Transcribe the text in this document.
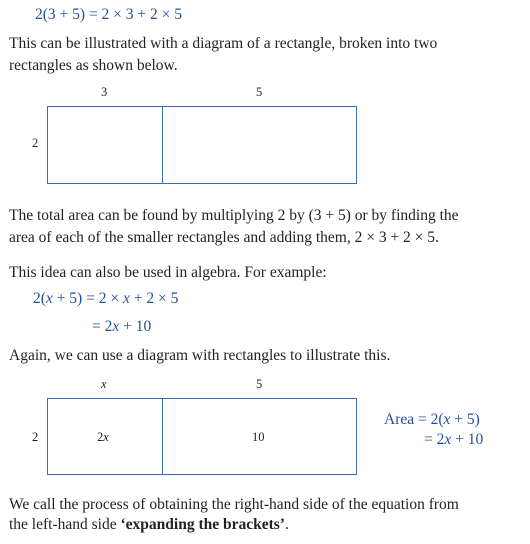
2(3 + 5) = 2 × 3 + 2 × 5
This can be illustrated with a diagram of a rectangle, broken into two
rectangles as shown below.
3	5
2
The total area can be found by multiplying 2 by (3 + 5) or by finding the
area of each of the smaller rectangles and adding them, 2 × 3 + 2 × 5.
This idea can also be used in algebra. For example:
2(x + 5) = 2 × x + 2 × 5
= 2x + 10
Again, we can use a diagram with rectangles to illustrate this.
x	5
2	2x	10
Area = 2(x + 5)
= 2x + 10
We call the process of obtaining the right-hand side of the equation from
the left-hand side ‘expanding the brackets’.
